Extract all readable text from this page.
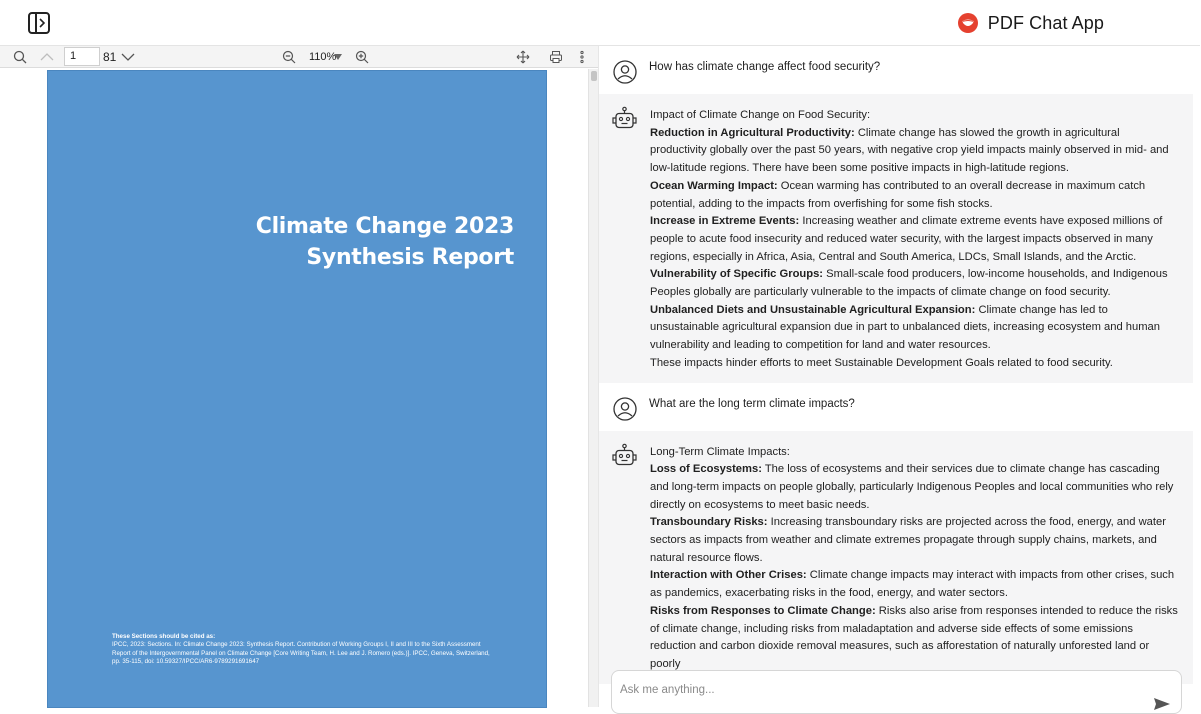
PDF Chat App
1	81	110%
Climate Change 2023
Synthesis Report
These Sections should be cited as:
IPCC, 2023: Sections. In: Climate Change 2023: Synthesis Report. Contribution of Working Groups I, II and III to the Sixth Assessment Report of the Intergovernmental Panel on Climate Change [Core Writing Team, H. Lee and J. Romero (eds.)]. IPCC, Geneva, Switzerland, pp. 35-115, doi: 10.59327/IPCC/AR6-9789291691647
How has climate change affect food security?

Impact of Climate Change on Food Security:

Reduction in Agricultural Productivity: Climate change has slowed the growth in agricultural productivity globally over the past 50 years, with negative crop yield impacts mainly observed in mid- and low-latitude regions. There have been some positive impacts in high-latitude regions.

Ocean Warming Impact: Ocean warming has contributed to an overall decrease in maximum catch potential, adding to the impacts from overfishing for some fish stocks.

Increase in Extreme Events: Increasing weather and climate extreme events have exposed millions of people to acute food insecurity and reduced water security, with the largest impacts observed in many regions, especially in Africa, Asia, Central and South America, LDCs, Small Islands, and the Arctic.

Vulnerability of Specific Groups: Small-scale food producers, low-income households, and Indigenous Peoples globally are particularly vulnerable to the impacts of climate change on food security.

Unbalanced Diets and Unsustainable Agricultural Expansion: Climate change has led to unsustainable agricultural expansion due in part to unbalanced diets, increasing ecosystem and human vulnerability and leading to competition for land and water resources.

These impacts hinder efforts to meet Sustainable Development Goals related to food security.

What are the long term climate impacts?

Long-Term Climate Impacts:

Loss of Ecosystems: The loss of ecosystems and their services due to climate change has cascading and long-term impacts on people globally, particularly Indigenous Peoples and local communities who rely directly on ecosystems to meet basic needs.

Transboundary Risks: Increasing transboundary risks are projected across the food, energy, and water sectors as impacts from weather and climate extremes propagate through supply chains, markets, and natural resource flows.

Interaction with Other Crises: Climate change impacts may interact with impacts from other crises, such as pandemics, exacerbating risks in the food, energy, and water sectors.

Risks from Responses to Climate Change: Risks also arise from responses intended to reduce the risks of climate change, including risks from maladaptation and adverse side effects of some emissions reduction and carbon dioxide removal measures, such as afforestation of naturally unforested land or poorly

Ask me anything...
